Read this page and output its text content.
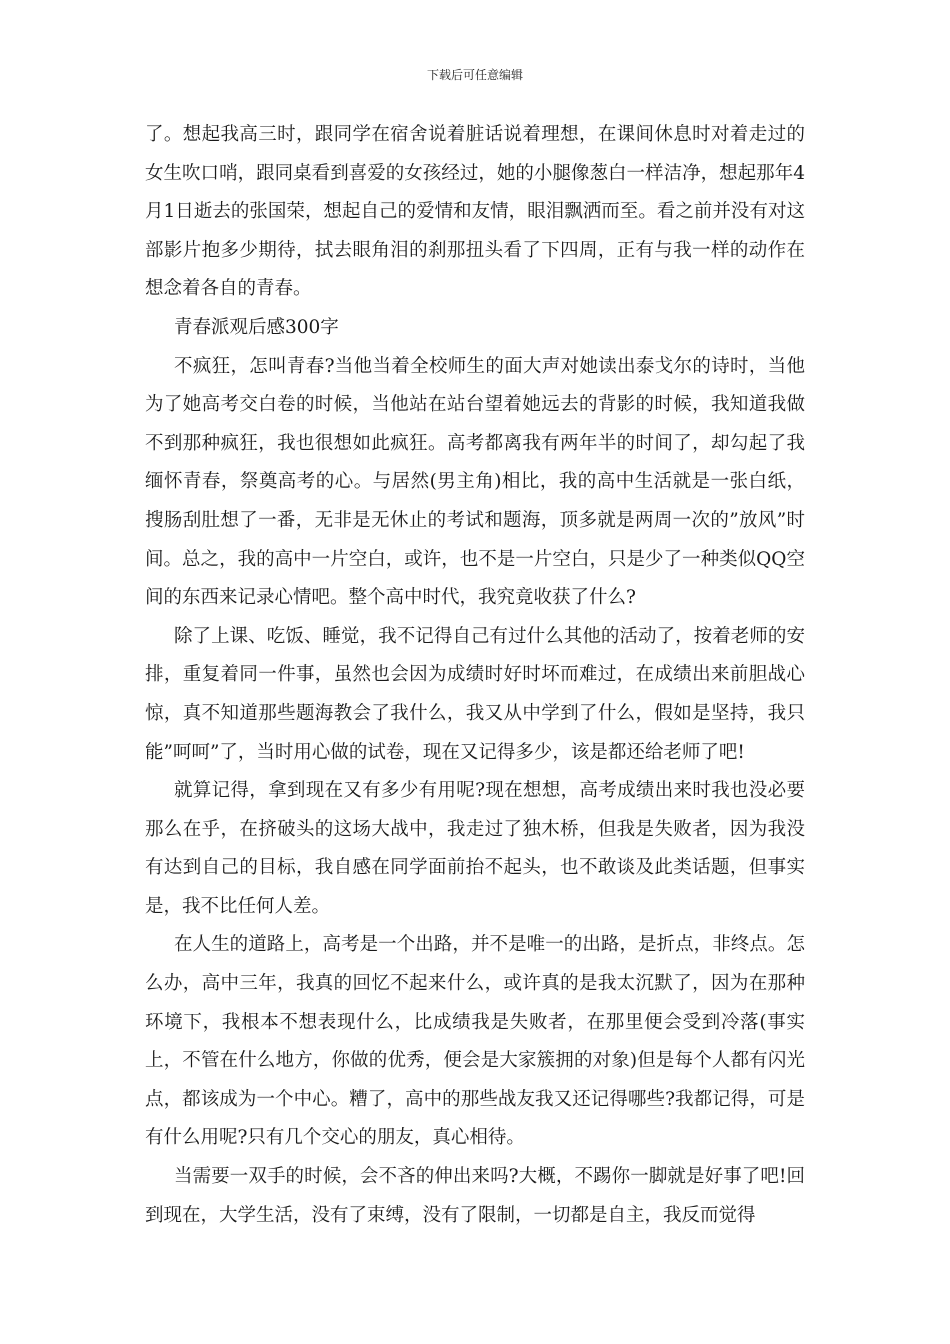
下载后可任意编辑

了。想起我高三时，跟同学在宿舍说着脏话说着理想，在课间休息时对着走过的女生吹口哨，跟同桌看到喜爱的女孩经过，她的小腿像葱白一样洁净，想起那年4月1日逝去的张国荣，想起自己的爱情和友情，眼泪飘洒而至。看之前并没有对这部影片抱多少期待，拭去眼角泪的刹那扭头看了下四周，正有与我一样的动作在想念着各自的青春。

青春派观后感300字

不疯狂，怎叫青春?当他当着全校师生的面大声对她读出泰戈尔的诗时，当他为了她高考交白卷的时候，当他站在站台望着她远去的背影的时候，我知道我做不到那种疯狂，我也很想如此疯狂。高考都离我有两年半的时间了，却勾起了我缅怀青春，祭奠高考的心。与居然(男主角)相比，我的高中生活就是一张白纸，搜肠刮肚想了一番，无非是无休止的考试和题海，顶多就是两周一次的”放风”时间。总之，我的高中一片空白，或许，也不是一片空白，只是少了一种类似QQ空间的东西来记录心情吧。整个高中时代，我究竟收获了什么?

除了上课、吃饭、睡觉，我不记得自己有过什么其他的活动了，按着老师的安排，重复着同一件事，虽然也会因为成绩时好时坏而难过，在成绩出来前胆战心惊，真不知道那些题海教会了我什么，我又从中学到了什么，假如是坚持，我只能”呵呵”了，当时用心做的试卷，现在又记得多少，该是都还给老师了吧!

就算记得，拿到现在又有多少有用呢?现在想想，高考成绩出来时我也没必要那么在乎，在挤破头的这场大战中，我走过了独木桥，但我是失败者，因为我没有达到自己的目标，我自感在同学面前抬不起头，也不敢谈及此类话题，但事实是，我不比任何人差。

在人生的道路上，高考是一个出路，并不是唯一的出路，是折点，非终点。怎么办，高中三年，我真的回忆不起来什么，或许真的是我太沉默了，因为在那种环境下，我根本不想表现什么，比成绩我是失败者，在那里便会受到冷落(事实上，不管在什么地方，你做的优秀，便会是大家簇拥的对象)但是每个人都有闪光点，都该成为一个中心。糟了，高中的那些战友我又还记得哪些?我都记得，可是有什么用呢?只有几个交心的朋友，真心相待。

当需要一双手的时候，会不吝的伸出来吗?大概，不踢你一脚就是好事了吧!回到现在，大学生活，没有了束缚，没有了限制，一切都是自主，我反而觉得
